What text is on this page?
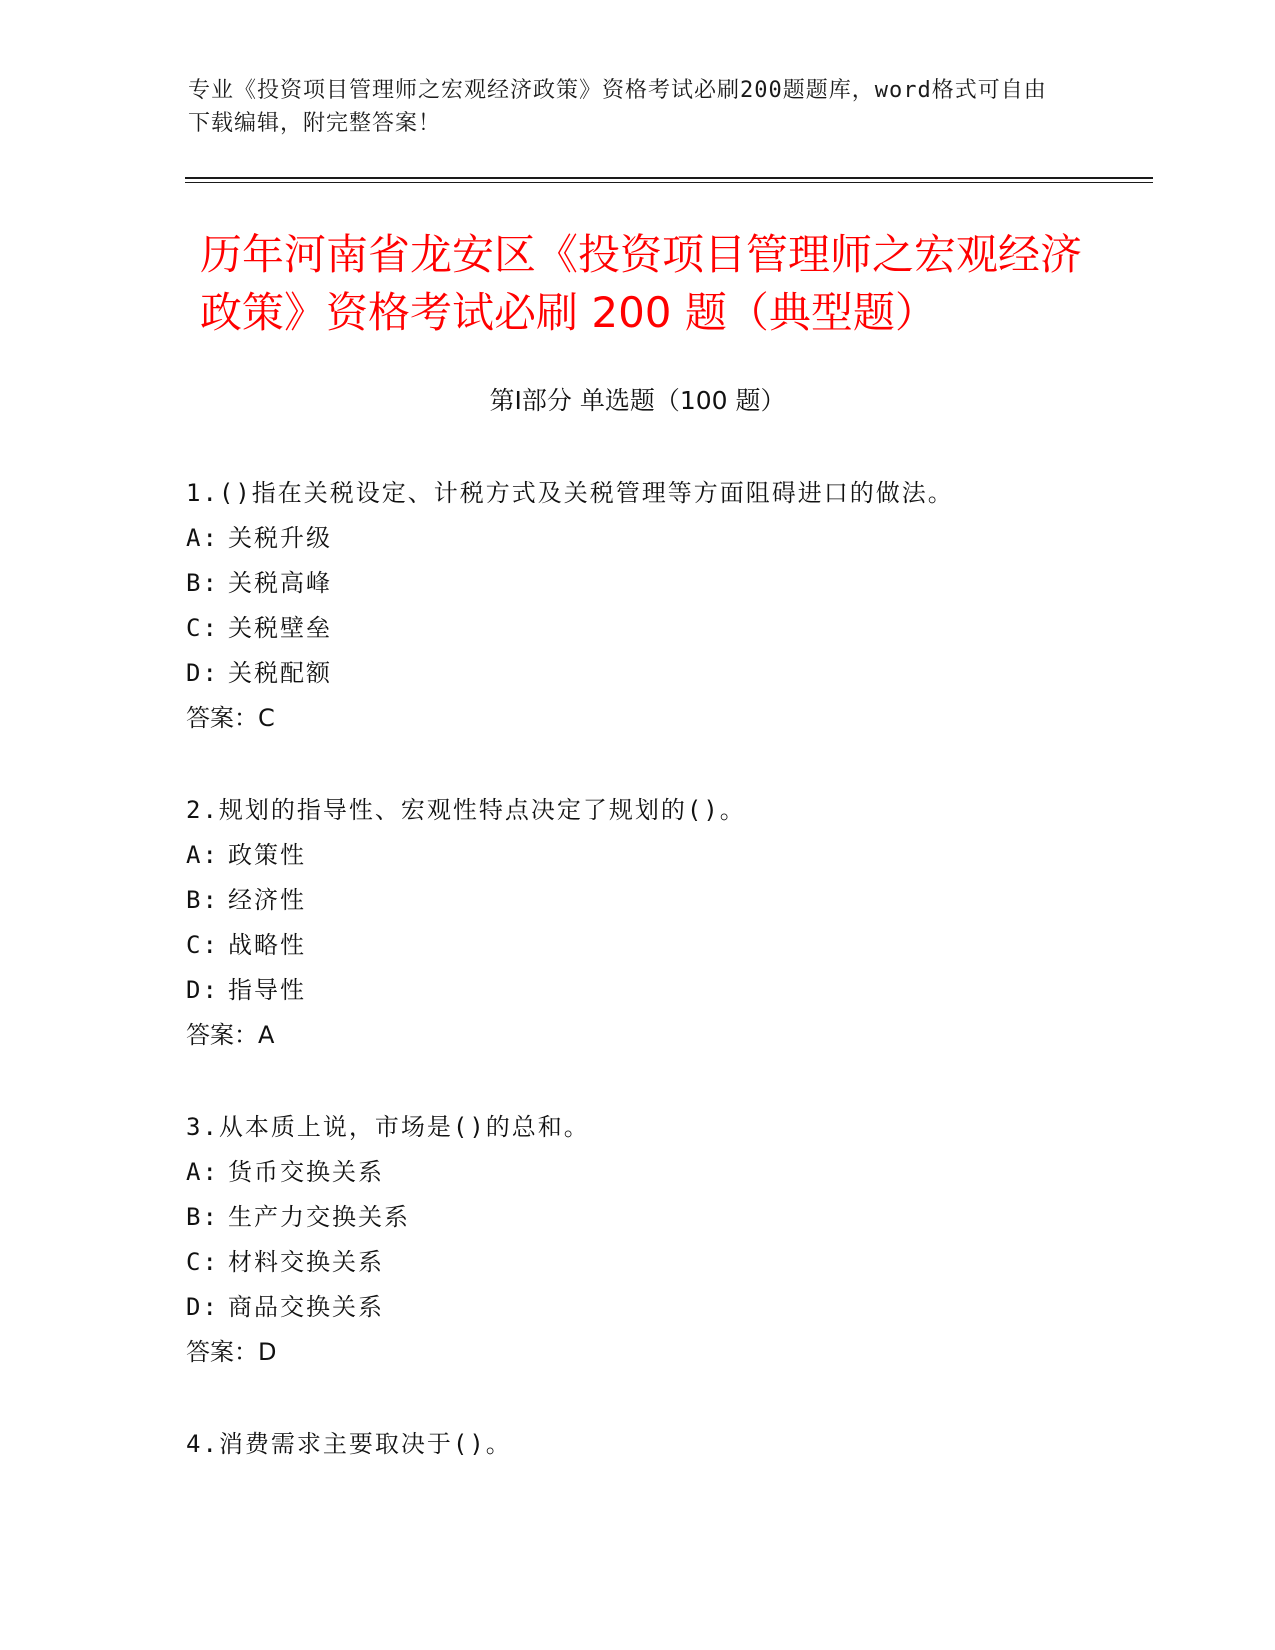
专业《投资项目管理师之宏观经济政策》资格考试必刷200题题库，word格式可自由下载编辑，附完整答案！
历年河南省龙安区《投资项目管理师之宏观经济政策》资格考试必刷 200 题（典型题）
第Ⅰ部分 单选题（100 题）
1.()指在关税设定、计税方式及关税管理等方面阻碍进口的做法。
A: 关税升级
B: 关税高峰
C: 关税壁垒
D: 关税配额
答案：C
2.规划的指导性、宏观性特点决定了规划的()。
A: 政策性
B: 经济性
C: 战略性
D: 指导性
答案：A
3.从本质上说，市场是()的总和。
A: 货币交换关系
B: 生产力交换关系
C: 材料交换关系
D: 商品交换关系
答案：D
4.消费需求主要取决于()。
